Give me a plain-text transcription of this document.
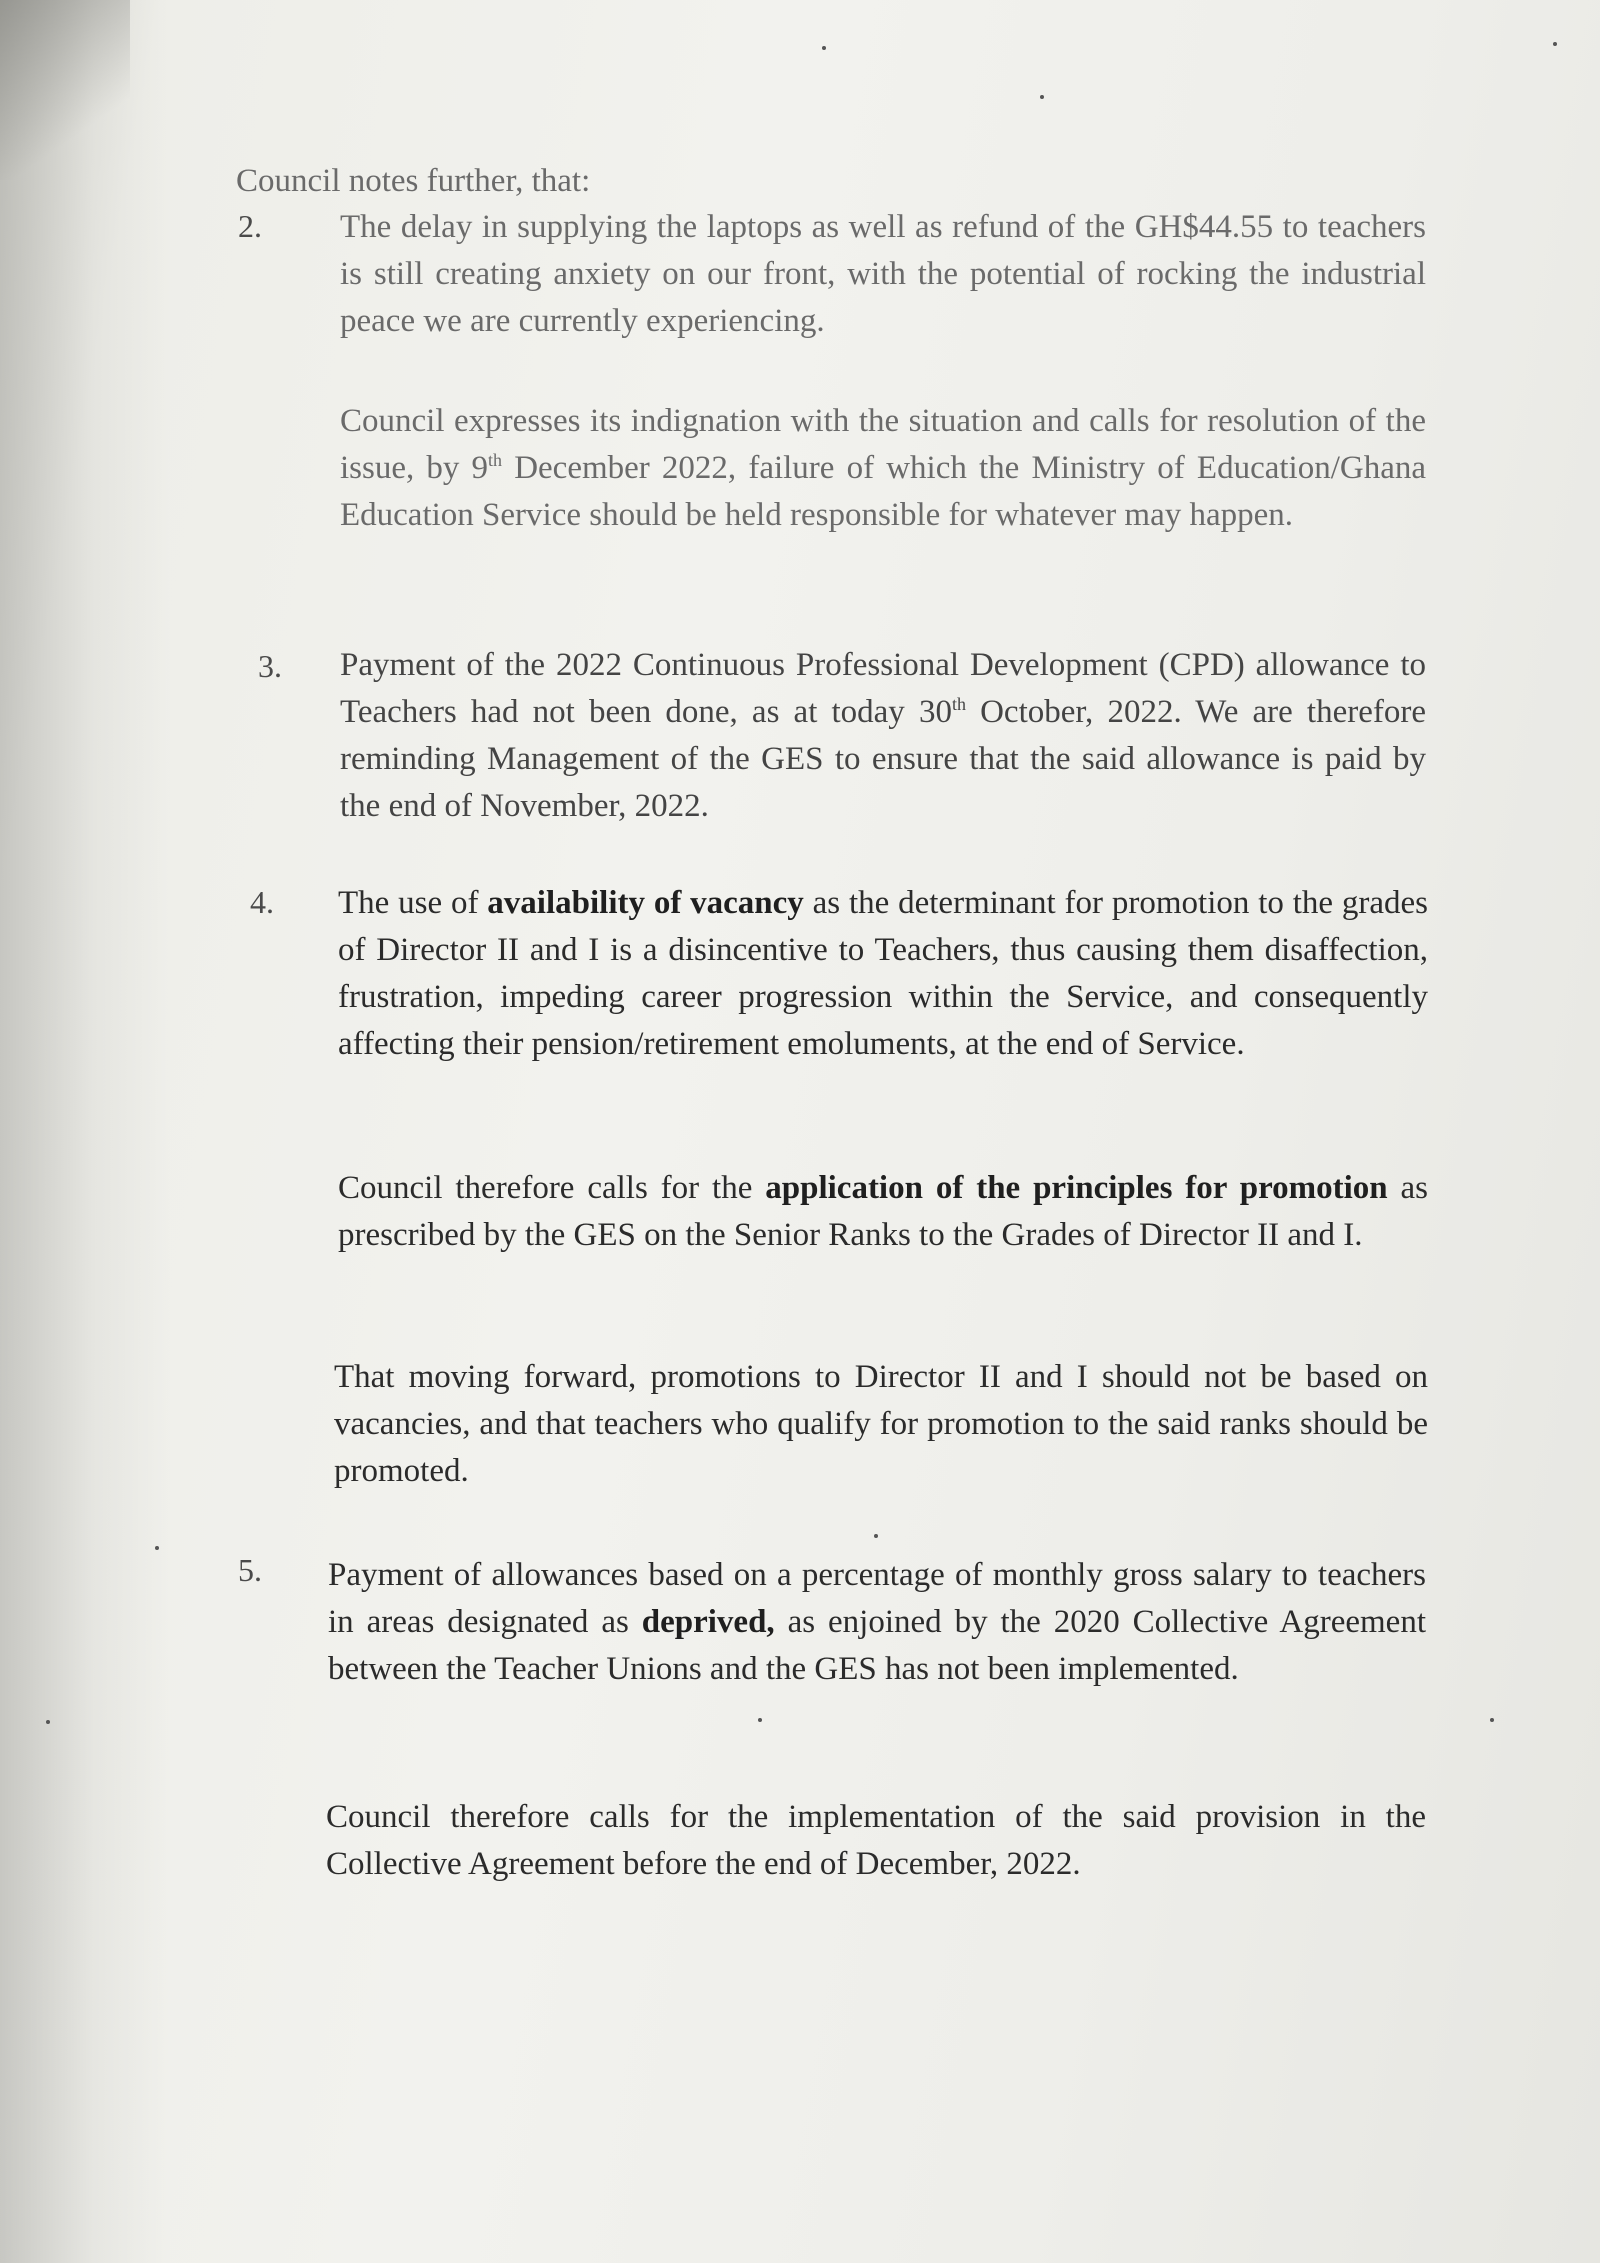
Council notes further, that:
2. The delay in supplying the laptops as well as refund of the GH$44.55 to teachers is still creating anxiety on our front, with the potential of rocking the industrial peace we are currently experiencing.
Council expresses its indignation with the situation and calls for resolution of the issue, by 9th December 2022, failure of which the Ministry of Education/Ghana Education Service should be held responsible for whatever may happen.
3. Payment of the 2022 Continuous Professional Development (CPD) allowance to Teachers had not been done, as at today 30th October, 2022. We are therefore reminding Management of the GES to ensure that the said allowance is paid by the end of November, 2022.
4. The use of availability of vacancy as the determinant for promotion to the grades of Director II and I is a disincentive to Teachers, thus causing them disaffection, frustration, impeding career progression within the Service, and consequently affecting their pension/retirement emoluments, at the end of Service.
Council therefore calls for the application of the principles for promotion as prescribed by the GES on the Senior Ranks to the Grades of Director II and I.
That moving forward, promotions to Director II and I should not be based on vacancies, and that teachers who qualify for promotion to the said ranks should be promoted.
5. Payment of allowances based on a percentage of monthly gross salary to teachers in areas designated as deprived, as enjoined by the 2020 Collective Agreement between the Teacher Unions and the GES has not been implemented.
Council therefore calls for the implementation of the said provision in the Collective Agreement before the end of December, 2022.
